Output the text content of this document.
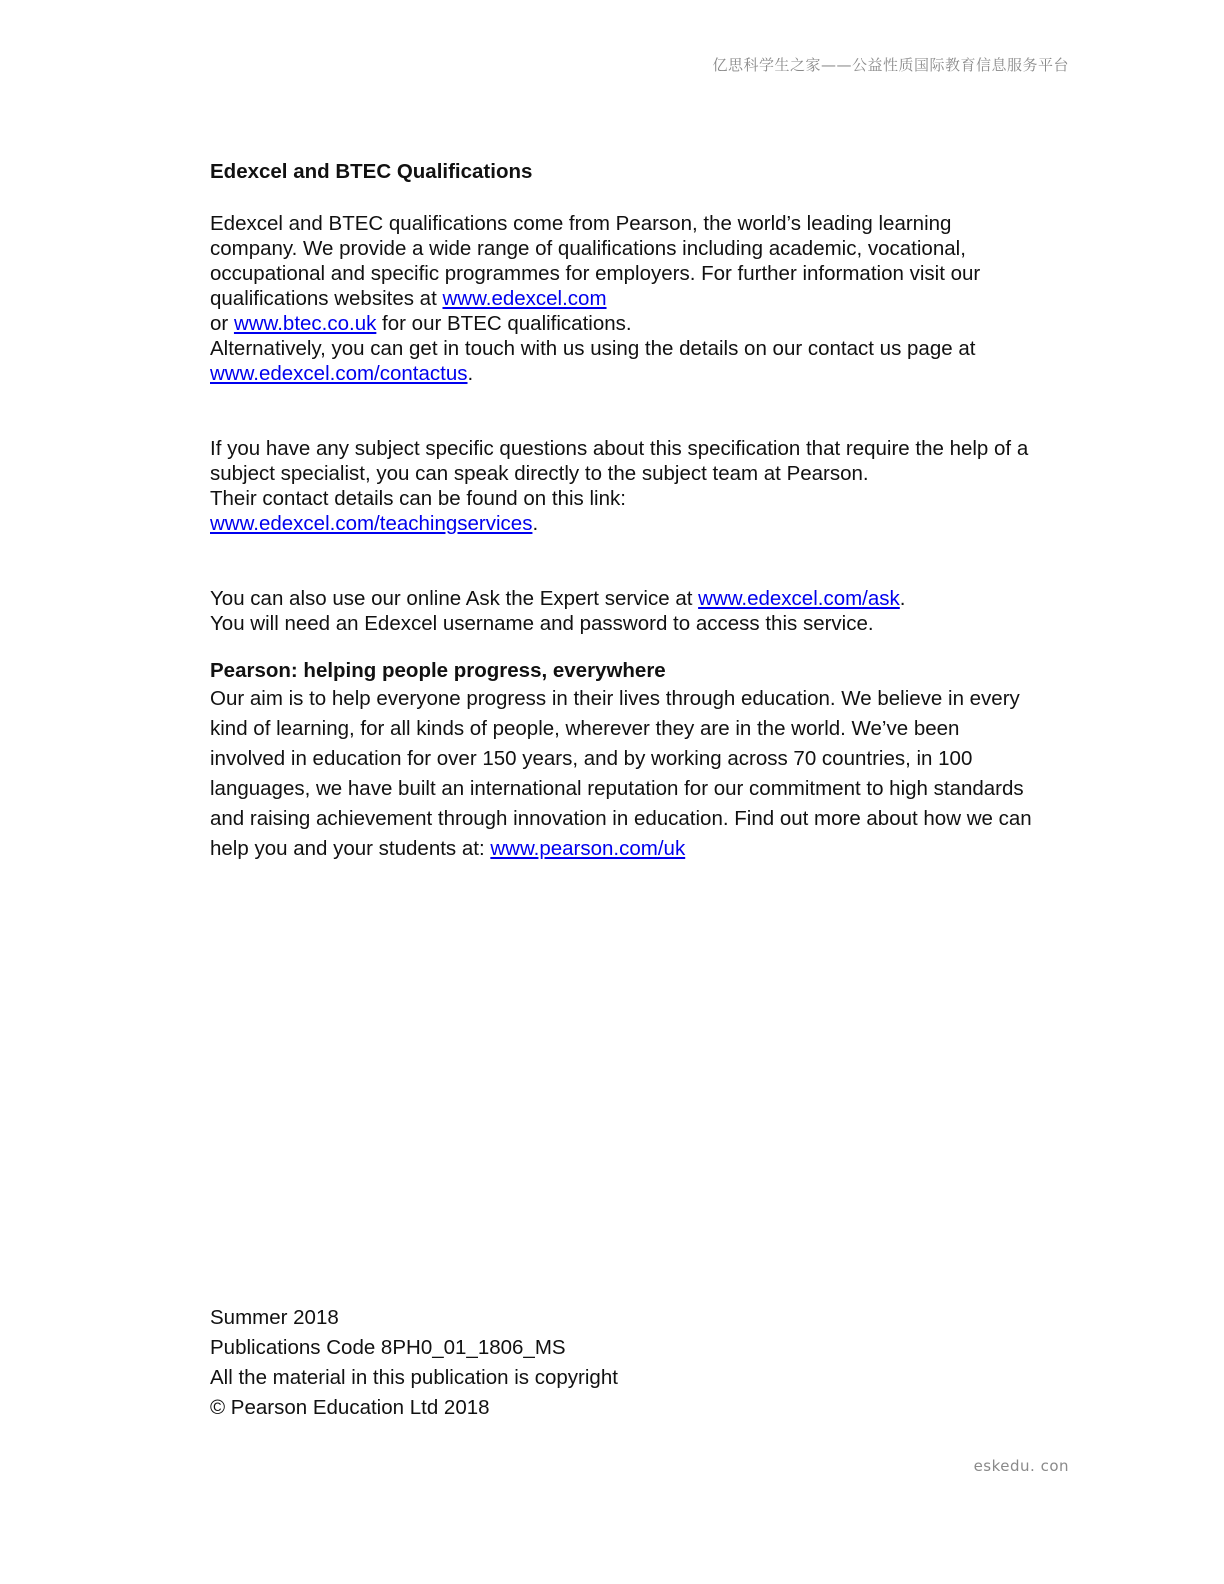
亿思科学生之家——公益性质国际教育信息服务平台
Edexcel and BTEC Qualifications

Edexcel and BTEC qualifications come from Pearson, the world’s leading learning company. We provide a wide range of qualifications including academic, vocational, occupational and specific programmes for employers. For further information visit our qualifications websites at www.edexcel.com
or www.btec.co.uk for our BTEC qualifications.
Alternatively, you can get in touch with us using the details on our contact us page at www.edexcel.com/contactus.

If you have any subject specific questions about this specification that require the help of a subject specialist, you can speak directly to the subject team at Pearson.
Their contact details can be found on this link:
www.edexcel.com/teachingservices.

You can also use our online Ask the Expert service at www.edexcel.com/ask.
You will need an Edexcel username and password to access this service.

Pearson: helping people progress, everywhere

Our aim is to help everyone progress in their lives through education. We believe in every kind of learning, for all kinds of people, wherever they are in the world. We’ve been involved in education for over 150 years, and by working across 70 countries, in 100 languages, we have built an international reputation for our commitment to high standards and raising achievement through innovation in education. Find out more about how we can help you and your students at: www.pearson.com/uk

Summer 2018
Publications Code 8PH0_01_1806_MS
All the material in this publication is copyright
© Pearson Education Ltd 2018
eskedu. con
